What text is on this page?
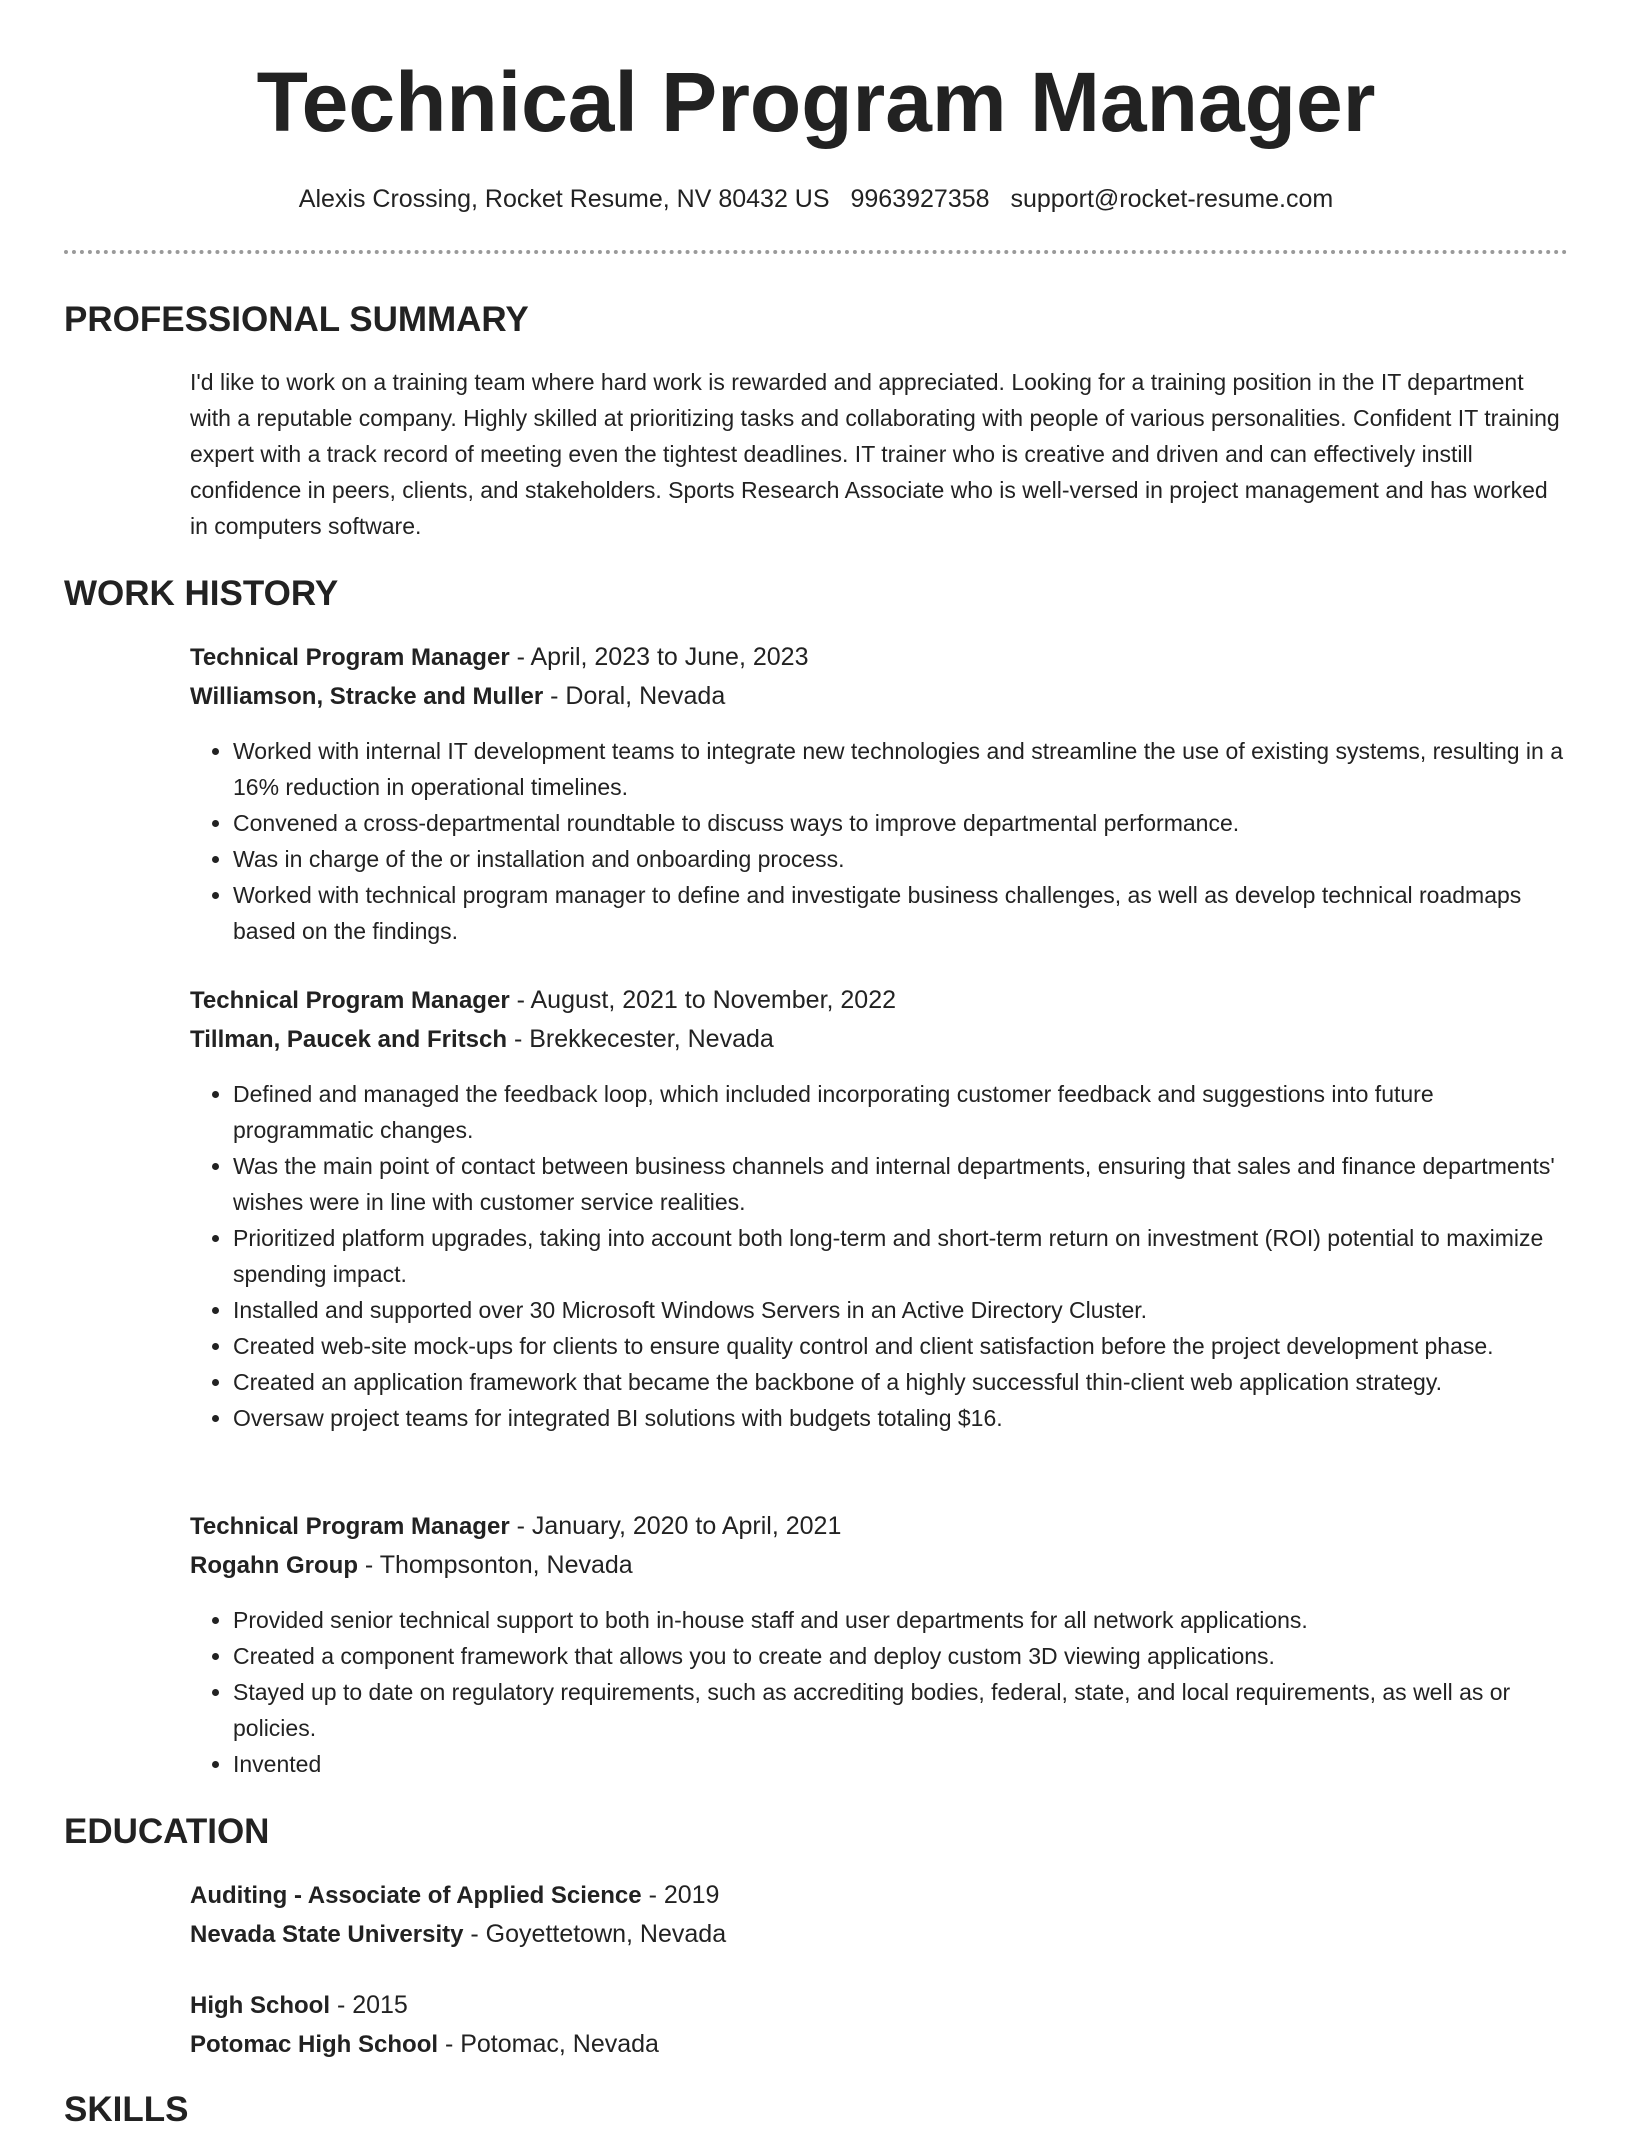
Technical Program Manager
Alexis Crossing, Rocket Resume, NV 80432 US 9963927358 support@rocket-resume.com
PROFESSIONAL SUMMARY
I'd like to work on a training team where hard work is rewarded and appreciated. Looking for a training position in the IT department with a reputable company. Highly skilled at prioritizing tasks and collaborating with people of various personalities. Confident IT training expert with a track record of meeting even the tightest deadlines. IT trainer who is creative and driven and can effectively instill confidence in peers, clients, and stakeholders. Sports Research Associate who is well-versed in project management and has worked in computers software.
WORK HISTORY
Technical Program Manager - April, 2023 to June, 2023
Williamson, Stracke and Muller - Doral, Nevada
• Worked with internal IT development teams to integrate new technologies and streamline the use of existing systems, resulting in a 16% reduction in operational timelines.
• Convened a cross-departmental roundtable to discuss ways to improve departmental performance.
• Was in charge of the or installation and onboarding process.
• Worked with technical program manager to define and investigate business challenges, as well as develop technical roadmaps based on the findings.
Technical Program Manager - August, 2021 to November, 2022
Tillman, Paucek and Fritsch - Brekkecester, Nevada
• Defined and managed the feedback loop, which included incorporating customer feedback and suggestions into future programmatic changes.
• Was the main point of contact between business channels and internal departments, ensuring that sales and finance departments' wishes were in line with customer service realities.
• Prioritized platform upgrades, taking into account both long-term and short-term return on investment (ROI) potential to maximize spending impact.
• Installed and supported over 30 Microsoft Windows Servers in an Active Directory Cluster.
• Created web-site mock-ups for clients to ensure quality control and client satisfaction before the project development phase.
• Created an application framework that became the backbone of a highly successful thin-client web application strategy.
• Oversaw project teams for integrated BI solutions with budgets totaling $16.
Technical Program Manager - January, 2020 to April, 2021
Rogahn Group - Thompsonton, Nevada
• Provided senior technical support to both in-house staff and user departments for all network applications.
• Created a component framework that allows you to create and deploy custom 3D viewing applications.
• Stayed up to date on regulatory requirements, such as accrediting bodies, federal, state, and local requirements, as well as or policies.
• Invented
EDUCATION
Auditing - Associate of Applied Science - 2019
Nevada State University - Goyettetown, Nevada
High School - 2015
Potomac High School - Potomac, Nevada
SKILLS
